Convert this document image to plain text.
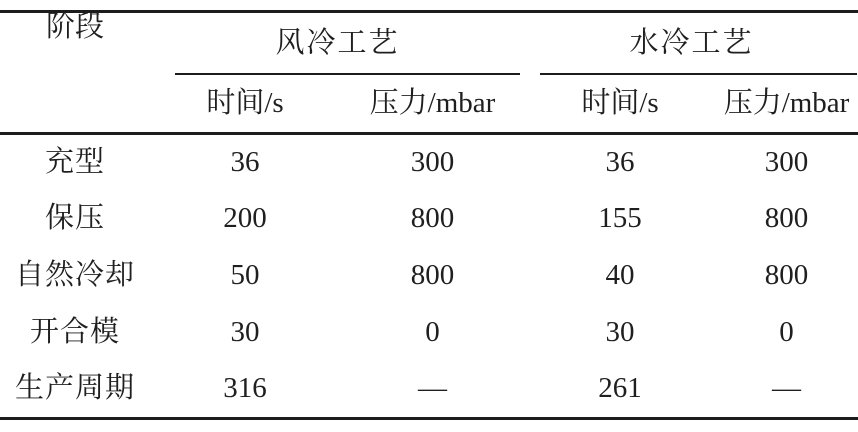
阶段	风冷工艺		水冷工艺	

	时间/s	压力/mbar	时间/s	压力/mbar
充型	36	300	36	300
保压	200	800	155	800
自然冷却	50	800	40	800
开合模	30	0	30	0
生产周期	316	—	261	—
